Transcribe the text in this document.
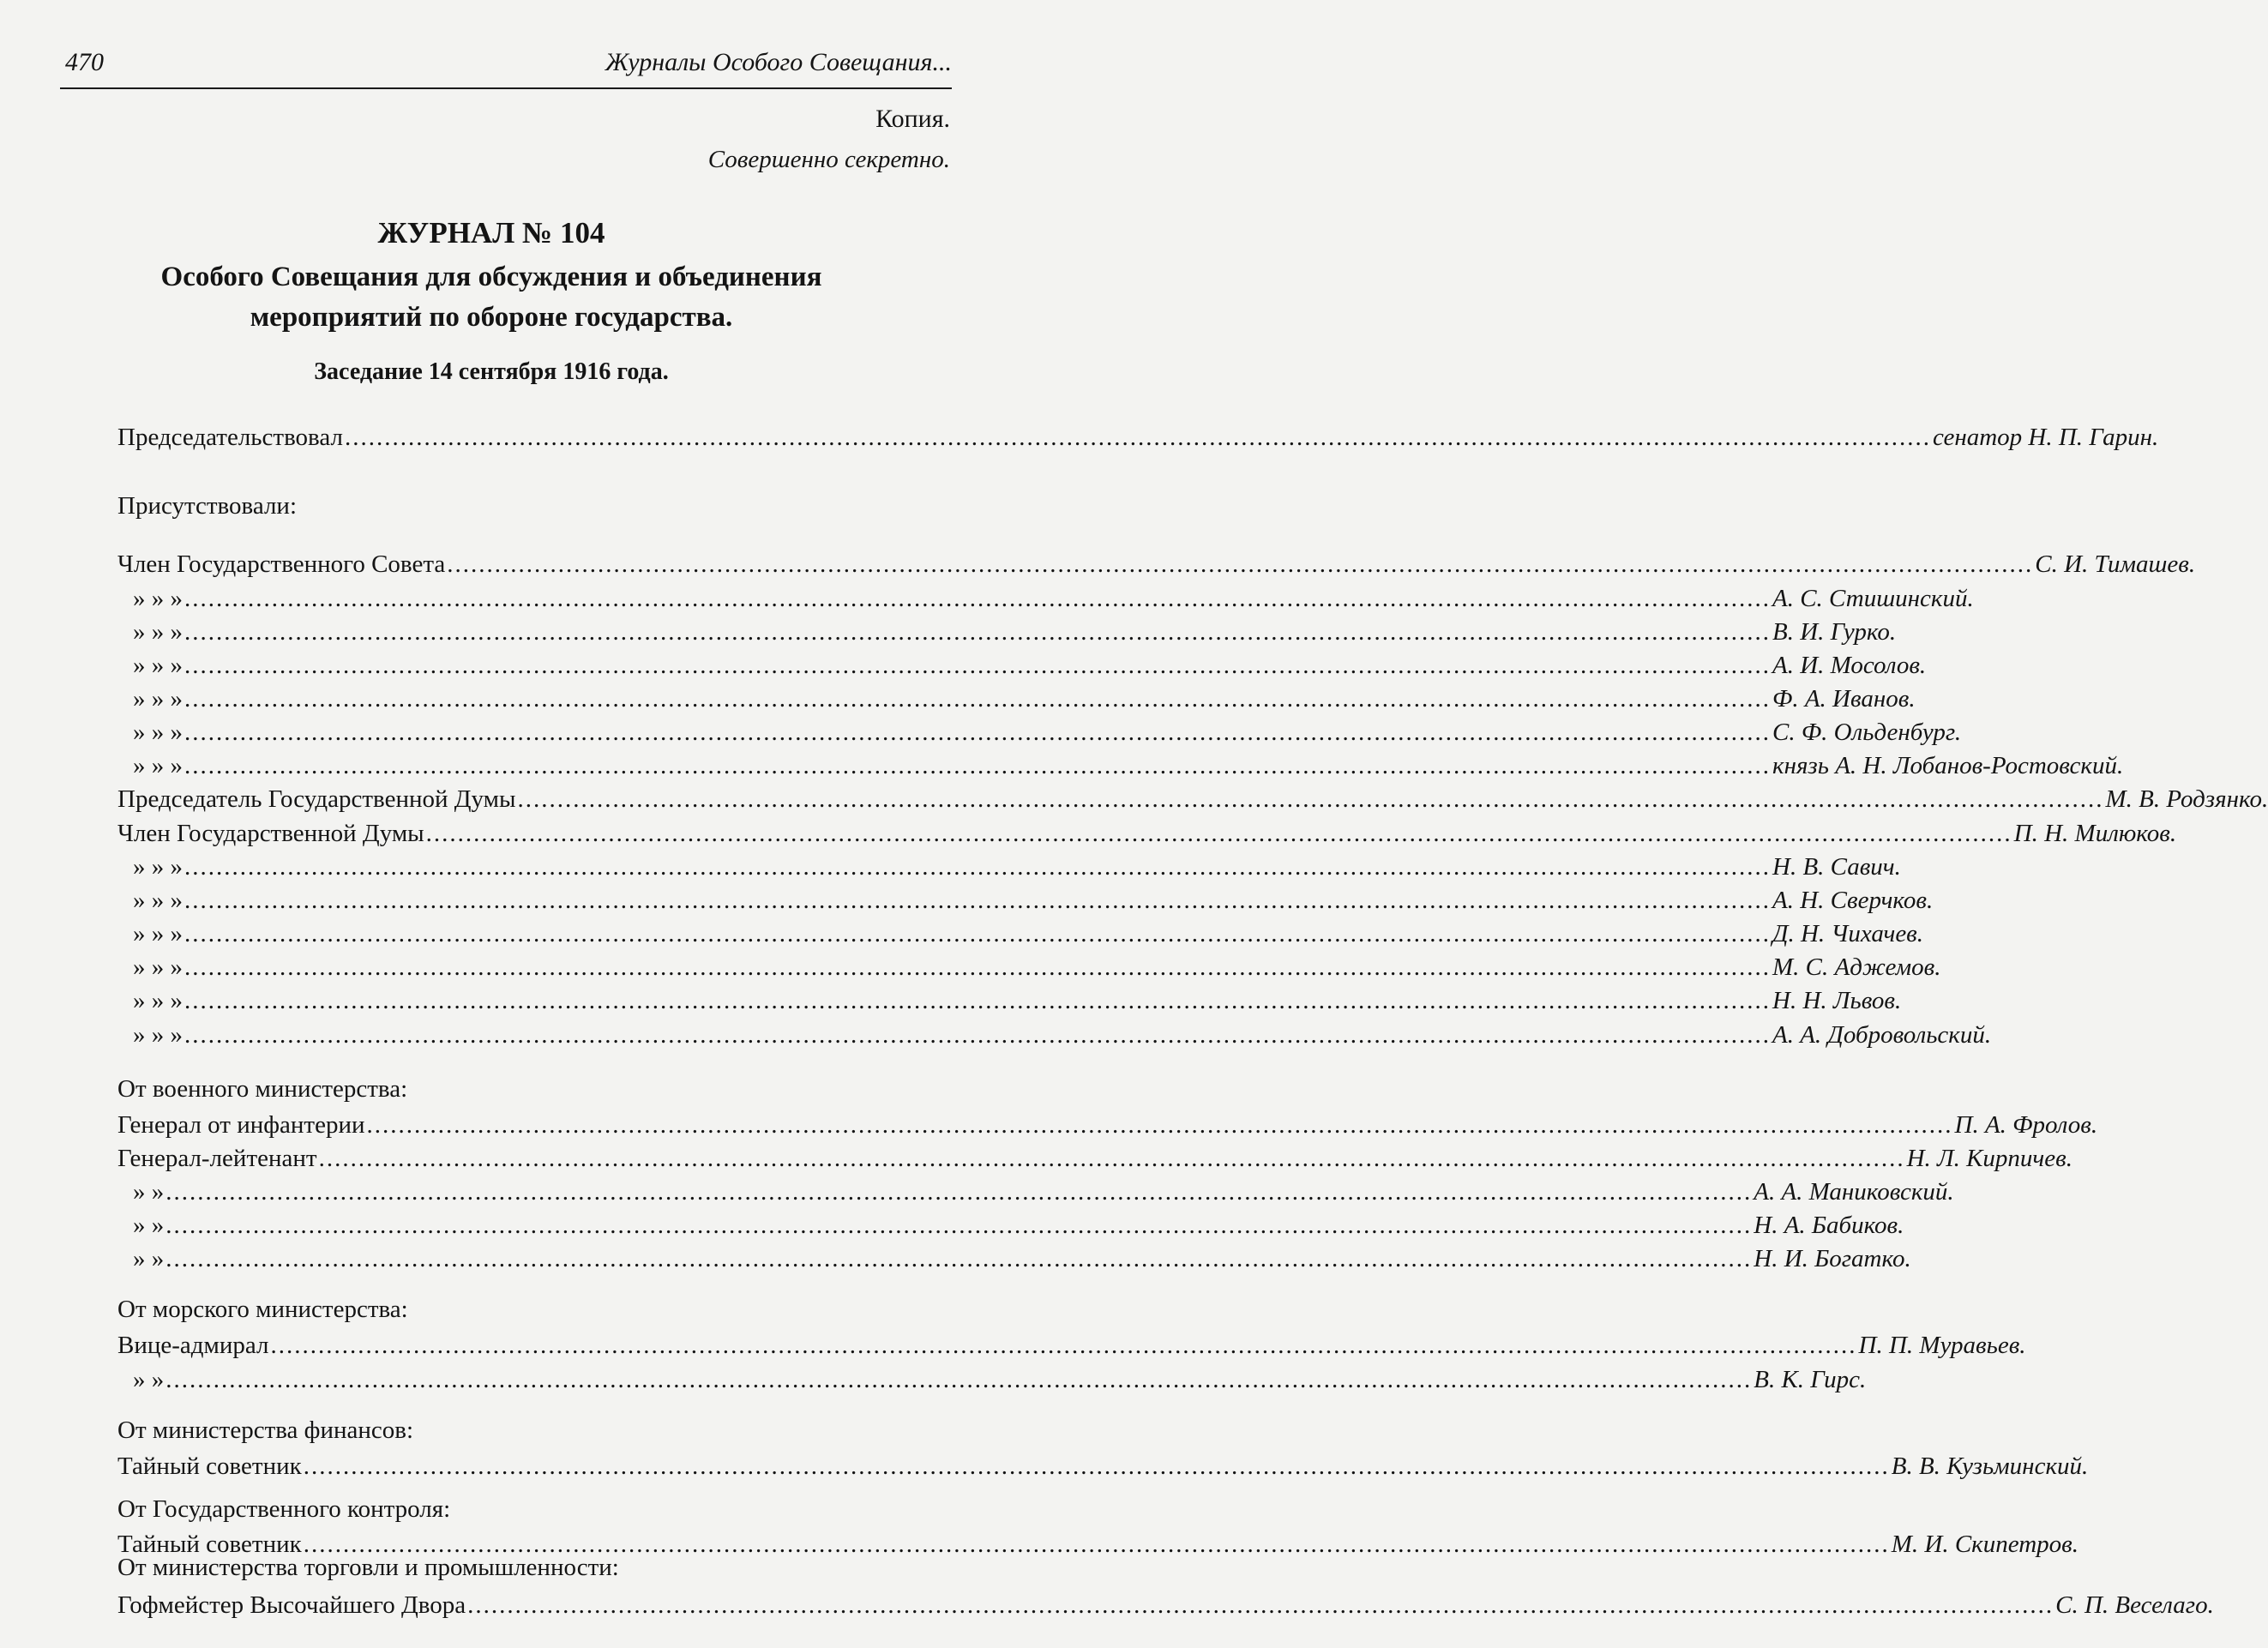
470	Журналы Особого Совещания...
Копия.
Совершенно секретно.
ЖУРНАЛ № 104
Особого Совещания для обсуждения и объединения
мероприятий по обороне государства.
Заседание 14 сентября 1916 года.
Председательствовал ........................................................................................................................................................................................................ сенатор Н. П. Гарин.
Присутствовали:
Член Государственного Совета ........................................................................................................................................................................................................ С. И. Тимашев.
» » » ........................................................................................................................................................................................................ А. С. Стишинский.
» » » ........................................................................................................................................................................................................ В. И. Гурко.
» » » ........................................................................................................................................................................................................ А. И. Мосолов.
» » » ........................................................................................................................................................................................................ Ф. А. Иванов.
» » » ........................................................................................................................................................................................................ С. Ф. Ольденбург.
» » » ........................................................................................................................................................................................................ князь А. Н. Лобанов-Ростовский.
Председатель Государственной Думы ........................................................................................................................................................................................................ М. В. Родзянко.
Член Государственной Думы ........................................................................................................................................................................................................ П. Н. Милюков.
» » » ........................................................................................................................................................................................................ Н. В. Савич.
» » » ........................................................................................................................................................................................................ А. Н. Сверчков.
» » » ........................................................................................................................................................................................................ Д. Н. Чихачев.
» » » ........................................................................................................................................................................................................ М. С. Аджемов.
» » » ........................................................................................................................................................................................................ Н. Н. Львов.
» » » ........................................................................................................................................................................................................ А. А. Добровольский.
От военного министерства:
Генерал от инфантерии ........................................................................................................................................................................................................ П. А. Фролов.
Генерал-лейтенант ........................................................................................................................................................................................................ Н. Л. Кирпичев.
» » ........................................................................................................................................................................................................ А. А. Маниковский.
» » ........................................................................................................................................................................................................ Н. А. Бабиков.
» » ........................................................................................................................................................................................................ Н. И. Богатко.
От морского министерства:
Вице-адмирал ........................................................................................................................................................................................................ П. П. Муравьев.
» » ........................................................................................................................................................................................................ В. К. Гирс.
От министерства финансов:
Тайный советник ........................................................................................................................................................................................................ В. В. Кузьминский.
От Государственного контроля:
Тайный советник ........................................................................................................................................................................................................ М. И. Скипетров.
От министерства торговли и промышленности:
Гофмейстер Высочайшего Двора ........................................................................................................................................................................................................ С. П. Веселаго.
